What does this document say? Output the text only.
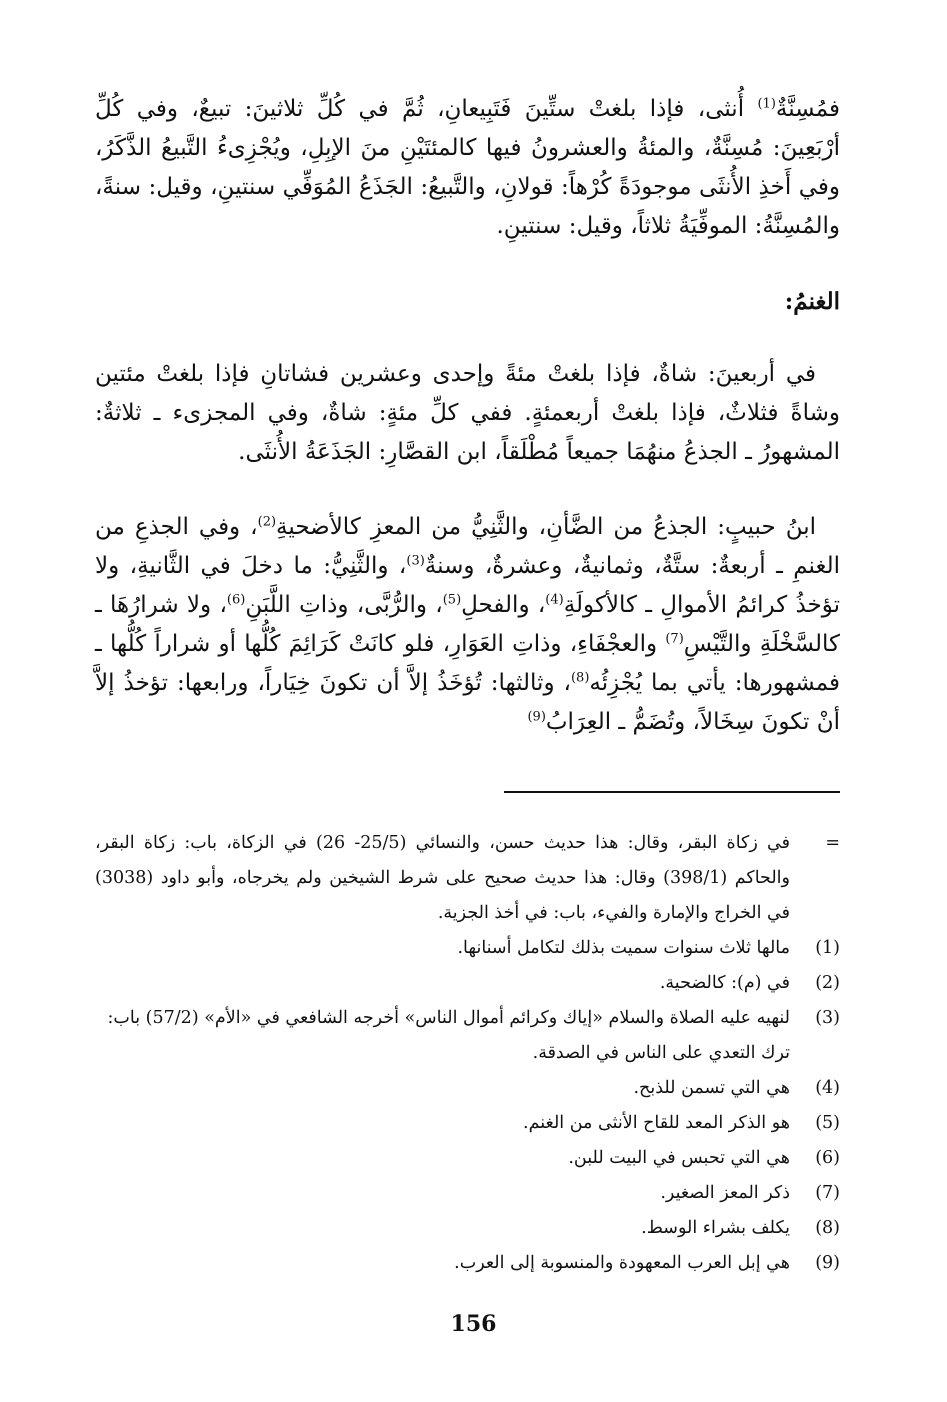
فمُسِنَّةٌ$^{(1)}$ أُنثى، فإذا بلغتْ ستِّينَ فَتَبِيعانِ، ثُمَّ في كُلِّ ثلاثينَ: تبيعٌ، وفي كُلِّ أرْبَعِينَ: مُسِنَّةٌ، والمئةُ والعشرونُ فيها كالمئتَيْنِ منَ الإبِلِ، ويُجْزِىءُ التَّبيعُ الذَّكَرُ، وفي أَخذِ الأُنثَى موجودَةً كُرْهاً: قولانِ، والتَّبيعُ: الجَذَعُ المُوَفِّي سنتينِ، وقيل: سنةً، والمُسِنَّةُ: الموفِّيَةُ ثلاثاً، وقيل: سنتينِ.

الغنمُ:

في أربعينَ: شاةٌ، فإذا بلغتْ مئةً وإحدى وعشرين فشاتانِ فإذا بلغتْ مئتين وشاةً فثلاثٌ، فإذا بلغتْ أربعمئةٍ. ففي كلِّ مئةٍ: شاةٌ، وفي المجزىء ـ ثلاثةٌ: المشهورُ ـ الجذعُ منهُمَا جميعاً مُطْلَقاً، ابن القصَّارِ: الجَذَعَةُ الأُنثَى.

ابنُ حبيبٍ: الجذعُ من الضَّأنِ، والثَّنِيُّ من المعزِ كالأضحيةِ$^{(2)}$، وفي الجذعِ من الغنمِ ـ أربعةٌ: ستَّةٌ، وثمانيةٌ، وعشرةٌ، وسنةٌ$^{(3)}$، والثَّنِيُّ: ما دخلَ في الثَّانيةِ، ولا تؤخذُ كرائمُ الأموالِ ـ كالأكولَةِ$^{(4)}$، والفحلِ$^{(5)}$، والرُّبَّى، وذاتِ اللَّبَنِ$^{(6)}$، ولا شرارُهَا ـ كالسَّخْلَةِ والتَّيْسِ$^{(7)}$ والعجْفَاءِ، وذاتِ العَوَارِ، فلو كانَتْ كَرَائِمَ كُلُّها أو شراراً كُلُّها ـ فمشهورها: يأتي بما يُجْزِئُه$^{(8)}$، وثالثها: تُؤخَذُ إلاَّ أن تكونَ خِيَاراً، ورابعها: تؤخذُ إلاَّ أنْ تكونَ سِخَالاً، وتُضَمُّ ـ العِرَابُ$^{(9)}$

=
في زكاة البقر، وقال: هذا حديث حسن، والنسائي (25/5- 26) في الزكاة، باب: زكاة البقر، والحاكم (398/1) وقال: هذا حديث صحيح على شرط الشيخين ولم يخرجاه، وأبو داود (3038) في الخراج والإمارة والفيء، باب: في أخذ الجزية.
(1)
مالها ثلاث سنوات سميت بذلك لتكامل أسنانها.
(2)
في (م): كالضحية.
(3)
لنهيه عليه الصلاة والسلام «إياك وكرائم أموال الناس» أخرجه الشافعي في «الأم» (57/2) باب: ترك التعدي على الناس في الصدقة.
(4)
هي التي تسمن للذبح.
(5)
هو الذكر المعد للقاح الأنثى من الغنم.
(6)
هي التي تحبس في البيت للبن.
(7)
ذكر المعز الصغير.
(8)
يكلف بشراء الوسط.
(9)
هي إبل العرب المعهودة والمنسوبة إلى العرب.
156
